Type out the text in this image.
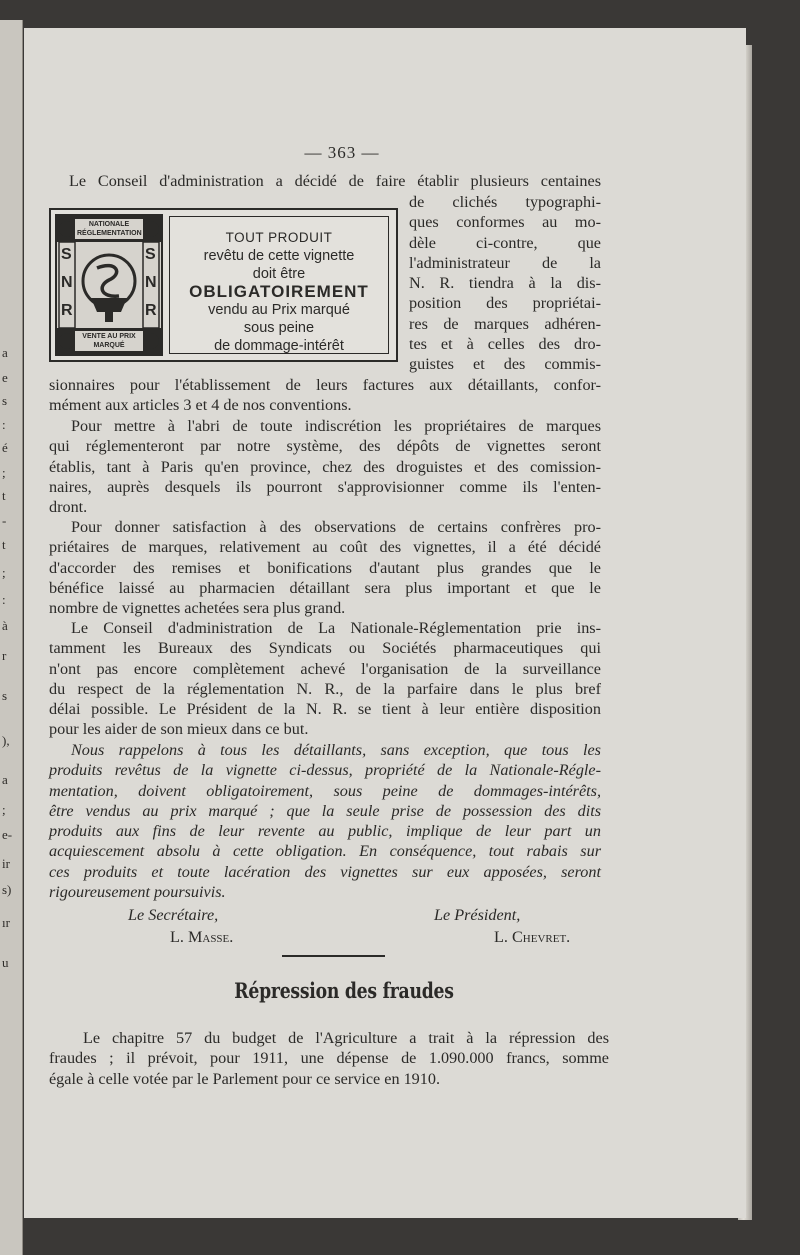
a
e
s
:
é
;
t
-
t
;
:
à
r
s
),
a
;
e-
ir
s)
ır
u
— 363 —
Le Conseil d'administration a décidé de faire établir plusieurs centaines
NATIONALE RÉGLEMENTATION
VENTE AU PRIX MARQUÉ
S
N
R
S
N
R
TOUT PRODUIT
revêtu de cette vignette
doit être
OBLIGATOIREMENT
vendu au Prix marqué
sous peine
de dommage-intérêt
de clichés typographi-
ques conformes au mo-
dèle ci-contre, que
l'administrateur de la
N. R. tiendra à la dis-
position des propriétai-
res de marques adhéren-
tes et à celles des dro-
guistes et des commis-
sionnaires pour l'établissement de leurs factures aux détaillants, confor-
mément aux articles 3 et 4 de nos conventions.
Pour mettre à l'abri de toute indiscrétion les propriétaires de marques
qui réglementeront par notre système, des dépôts de vignettes seront
établis, tant à Paris qu'en province, chez des droguistes et des comission-
naires, auprès desquels ils pourront s'approvisionner comme ils l'enten-
dront.
Pour donner satisfaction à des observations de certains confrères pro-
priétaires de marques, relativement au coût des vignettes, il a été décidé
d'accorder des remises et bonifications d'autant plus grandes que le
bénéfice laissé au pharmacien détaillant sera plus important et que le
nombre de vignettes achetées sera plus grand.
Le Conseil d'administration de La Nationale-Réglementation prie ins-
tamment les Bureaux des Syndicats ou Sociétés pharmaceutiques qui
n'ont pas encore complètement achevé l'organisation de la surveillance
du respect de la réglementation N. R., de la parfaire dans le plus bref
délai possible. Le Président de la N. R. se tient à leur entière disposition
pour les aider de son mieux dans ce but.
Nous rappelons à tous les détaillants, sans exception, que tous les
produits revêtus de la vignette ci-dessus, propriété de la Nationale-Régle-
mentation, doivent obligatoirement, sous peine de dommages-intérêts,
être vendus au prix marqué ; que la seule prise de possession des dits
produits aux fins de leur revente au public, implique de leur part un
acquiescement absolu à cette obligation. En conséquence, tout rabais sur
ces produits et toute lacération des vignettes sur eux apposées, seront
rigoureusement poursuivis.
Le Secrétaire,
L. Masse.
Le Président,
L. Chevret.
Répression des fraudes
Le chapitre 57 du budget de l'Agriculture a trait à la répression des
fraudes ; il prévoit, pour 1911, une dépense de 1.090.000 francs, somme
égale à celle votée par le Parlement pour ce service en 1910.
